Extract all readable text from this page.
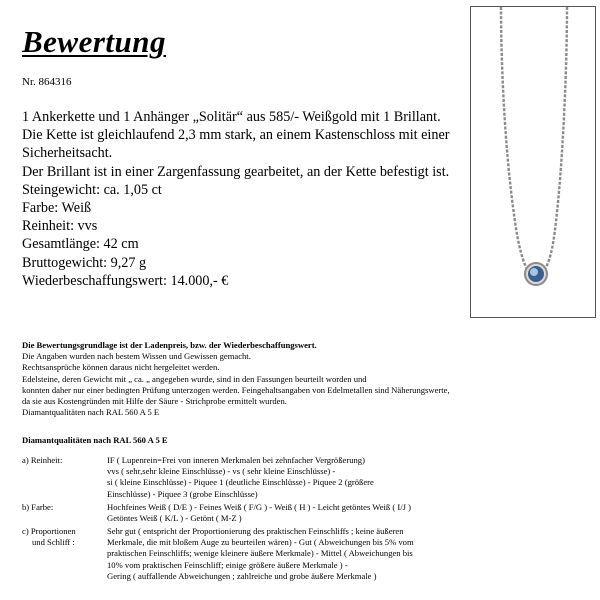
Bewertung
Nr. 864316
1 Ankerkette und 1 Anhänger „Solitär“ aus 585/- Weißgold mit 1 Brillant.
Die Kette ist gleichlaufend 2,3 mm stark, an einem Kastenschloss mit einer
Sicherheitsacht.
Der Brillant ist in einer Zargenfassung gearbeitet, an der Kette befestigt ist.
Steingewicht: ca. 1,05 ct
Farbe: Weiß
Reinheit: vvs
Gesamtlänge: 42 cm
Bruttogewicht: 9,27 g
Wiederbeschaffungswert: 14.000,- €
Die Bewertungsgrundlage ist der Ladenpreis, bzw. der Wiederbeschaffungswert.
Die Angaben wurden nach bestem Wissen und Gewissen gemacht.
Rechtsansprüche können daraus nicht hergeleitet werden.
Edelsteine, deren Gewicht mit „ ca. „ angegeben wurde, sind in den Fassungen beurteilt worden und
konnten daher nur einer bedingten Prüfung unterzogen werden. Feingehaltsangaben von Edelmetallen sind Näherungswerte,
da sie aus Kostengründen mit Hilfe der Säure - Strichprobe ermittelt wurden.
Diamantqualitäten nach RAL 560 A 5 E
Diamantqualitäten nach RAL 560 A 5 E
a) Reinheit:	IF ( Lupenrein=Frei von inneren Merkmalen bei zehnfacher Vergrößerung)
vvs ( sehr,sehr kleine Einschlüsse) - vs ( sehr kleine Einschlüsse) -
si ( kleine Einschlüsse) - Piquee 1 (deutliche Einschlüsse) - Piquee 2 (größere
Einschlüsse) - Piquee 3 (grobe Einschlüsse)
b) Farbe:	Hochfeines Weiß ( D/E ) - Feines Weiß ( F/G ) - Weiß ( H ) - Leicht getöntes Weiß ( I/J )
Getöntes Weiß ( K/L ) - Getönt ( M-Z )
c) Proportionen
und Schliff :
Sehr gut ( entspricht der Proportionierung des praktischen Feinschliffs ; keine äußeren
Merkmale, die mit bloßem Auge zu beurteilen wären) - Gut ( Abweichungen bis 5% vom
praktischen Feinschliffs; wenige kleinere äußere Merkmale) - Mittel ( Abweichungen bis
10% vom praktischen Feinschliff; einige größere äußere Merkmale ) -
Gering ( auffallende Abweichungen ; zahlreiche und grobe äußere Merkmale )
